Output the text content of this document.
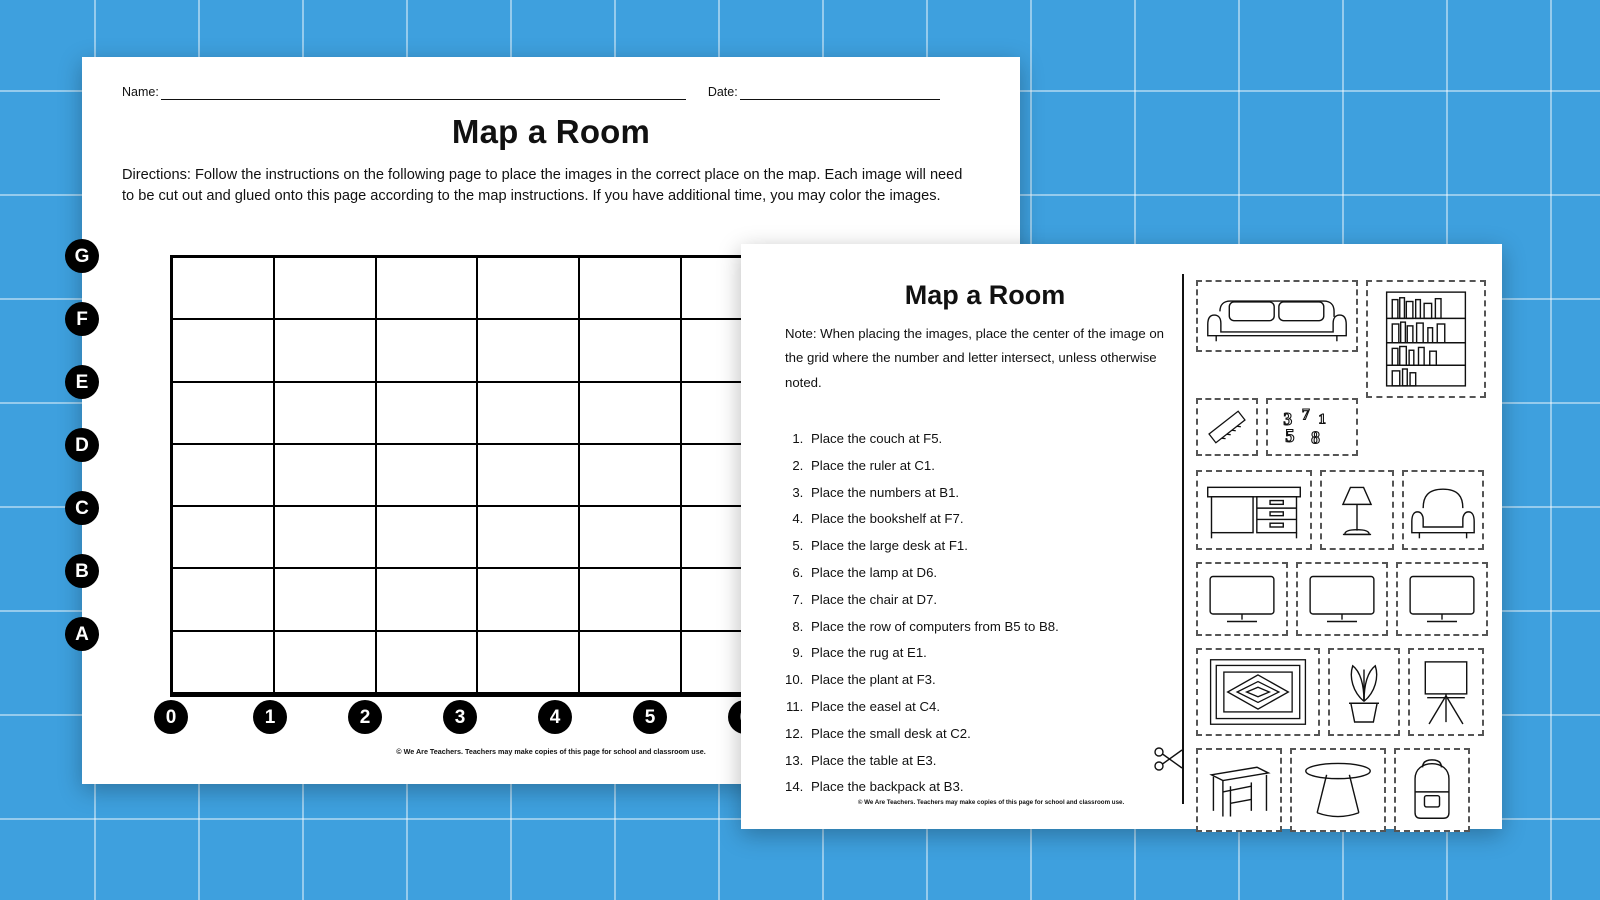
Name:	Date:
Map a Room
Directions: Follow the instructions on the following page to place the images in the correct place on the map. Each image will need to be cut out and glued onto this page according to the map instructions. If you have additional time, you may color the images.
G
F
E
D
C
B
A
0	1	2	3	4	5
© We Are Teachers. Teachers may make copies of this page for school and classroom use.
Map a Room
Note: When placing the images, place the center of the image on the grid where the number and letter intersect, unless otherwise noted.
1. Place the couch at F5.
2. Place the ruler at C1.
3. Place the numbers at B1.
4. Place the bookshelf at F7.
5. Place the large desk at F1.
6. Place the lamp at D6.
7. Place the chair at D7.
8. Place the row of computers from B5 to B8.
9. Place the rug at E1.
10. Place the plant at F3.
11. Place the easel at C4.
12. Place the small desk at C2.
13. Place the table at E3.
14. Place the backpack at B3.
© We Are Teachers. Teachers may make copies of this page for school and classroom use.
3 7 1
5 8
